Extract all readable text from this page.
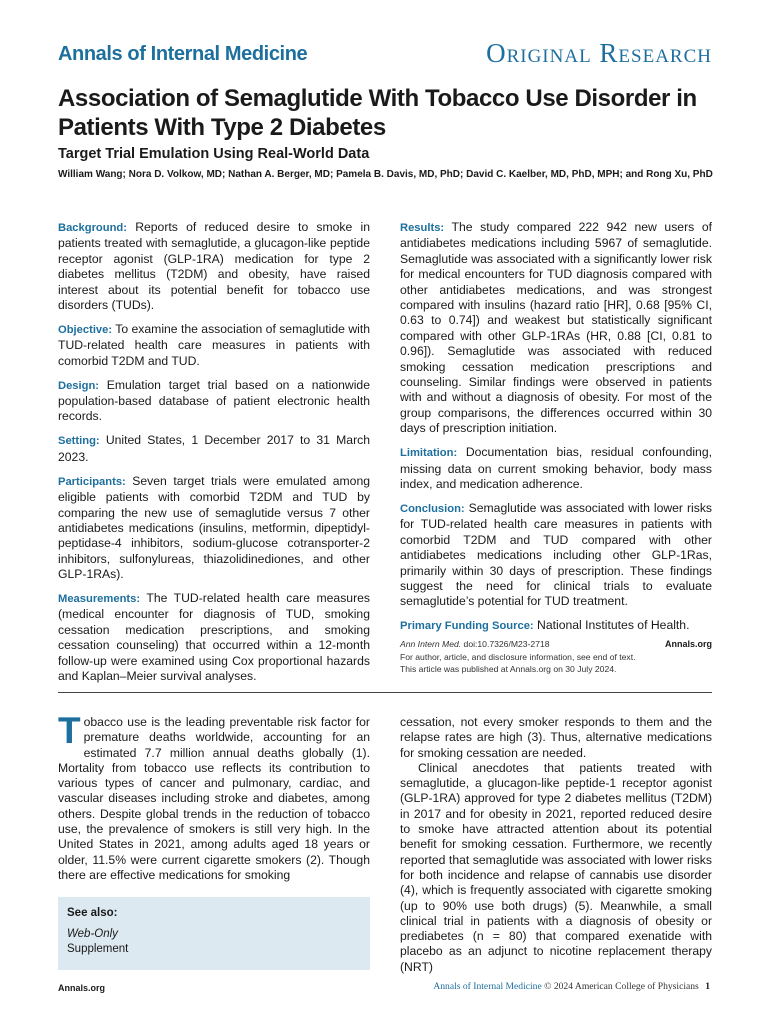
Annals of Internal Medicine	Original Research
Association of Semaglutide With Tobacco Use Disorder in Patients With Type 2 Diabetes
Target Trial Emulation Using Real-World Data
William Wang; Nora D. Volkow, MD; Nathan A. Berger, MD; Pamela B. Davis, MD, PhD; David C. Kaelber, MD, PhD, MPH; and Rong Xu, PhD

Background: Reports of reduced desire to smoke in patients treated with semaglutide, a glucagon-like peptide receptor agonist (GLP-1RA) medication for type 2 diabetes mellitus (T2DM) and obesity, have raised interest about its potential benefit for tobacco use disorders (TUDs).

Objective: To examine the association of semaglutide with TUD-related health care measures in patients with comorbid T2DM and TUD.

Design: Emulation target trial based on a nationwide population-based database of patient electronic health records.

Setting: United States, 1 December 2017 to 31 March 2023.

Participants: Seven target trials were emulated among eligible patients with comorbid T2DM and TUD by comparing the new use of semaglutide versus 7 other antidiabetes medications (insulins, metformin, dipeptidyl-peptidase-4 inhibitors, sodium-glucose cotransporter-2 inhibitors, sulfonylureas, thiazolidinediones, and other GLP-1RAs).

Measurements: The TUD-related health care measures (medical encounter for diagnosis of TUD, smoking cessation medication prescriptions, and smoking cessation counseling) that occurred within a 12-month follow-up were examined using Cox proportional hazards and Kaplan–Meier survival analyses.

Results: The study compared 222 942 new users of antidiabetes medications including 5967 of semaglutide. Semaglutide was associated with a significantly lower risk for medical encounters for TUD diagnosis compared with other antidiabetes medications, and was strongest compared with insulins (hazard ratio [HR], 0.68 [95% CI, 0.63 to 0.74]) and weakest but statistically significant compared with other GLP-1RAs (HR, 0.88 [CI, 0.81 to 0.96]). Semaglutide was associated with reduced smoking cessation medication prescriptions and counseling. Similar findings were observed in patients with and without a diagnosis of obesity. For most of the group comparisons, the differences occurred within 30 days of prescription initiation.

Limitation: Documentation bias, residual confounding, missing data on current smoking behavior, body mass index, and medication adherence.

Conclusion: Semaglutide was associated with lower risks for TUD-related health care measures in patients with comorbid T2DM and TUD compared with other antidiabetes medications including other GLP-1Ras, primarily within 30 days of prescription. These findings suggest the need for clinical trials to evaluate semaglutide’s potential for TUD treatment.

Primary Funding Source: National Institutes of Health.

Ann Intern Med. doi:10.7326/M23-2718	Annals.org
For author, article, and disclosure information, see end of text.
This article was published at Annals.org on 30 July 2024.

Tobacco use is the leading preventable risk factor for premature deaths worldwide, accounting for an estimated 7.7 million annual deaths globally (1). Mortality from tobacco use reflects its contribution to various types of cancer and pulmonary, cardiac, and vascular diseases including stroke and diabetes, among others. Despite global trends in the reduction of tobacco use, the prevalence of smokers is still very high. In the United States in 2021, among adults aged 18 years or older, 11.5% were current cigarette smokers (2). Though there are effective medications for smoking

See also:
Web-Only
Supplement

cessation, not every smoker responds to them and the relapse rates are high (3). Thus, alternative medications for smoking cessation are needed.

Clinical anecdotes that patients treated with semaglutide, a glucagon-like peptide-1 receptor agonist (GLP-1RA) approved for type 2 diabetes mellitus (T2DM) in 2017 and for obesity in 2021, reported reduced desire to smoke have attracted attention about its potential benefit for smoking cessation. Furthermore, we recently reported that semaglutide was associated with lower risks for both incidence and relapse of cannabis use disorder (4), which is frequently associated with cigarette smoking (up to 90% use both drugs) (5). Meanwhile, a small clinical trial in patients with a diagnosis of obesity or prediabetes (n = 80) that compared exenatide with placebo as an adjunct to nicotine replacement therapy (NRT)

Annals.org	Annals of Internal Medicine © 2024 American College of Physicians 1
